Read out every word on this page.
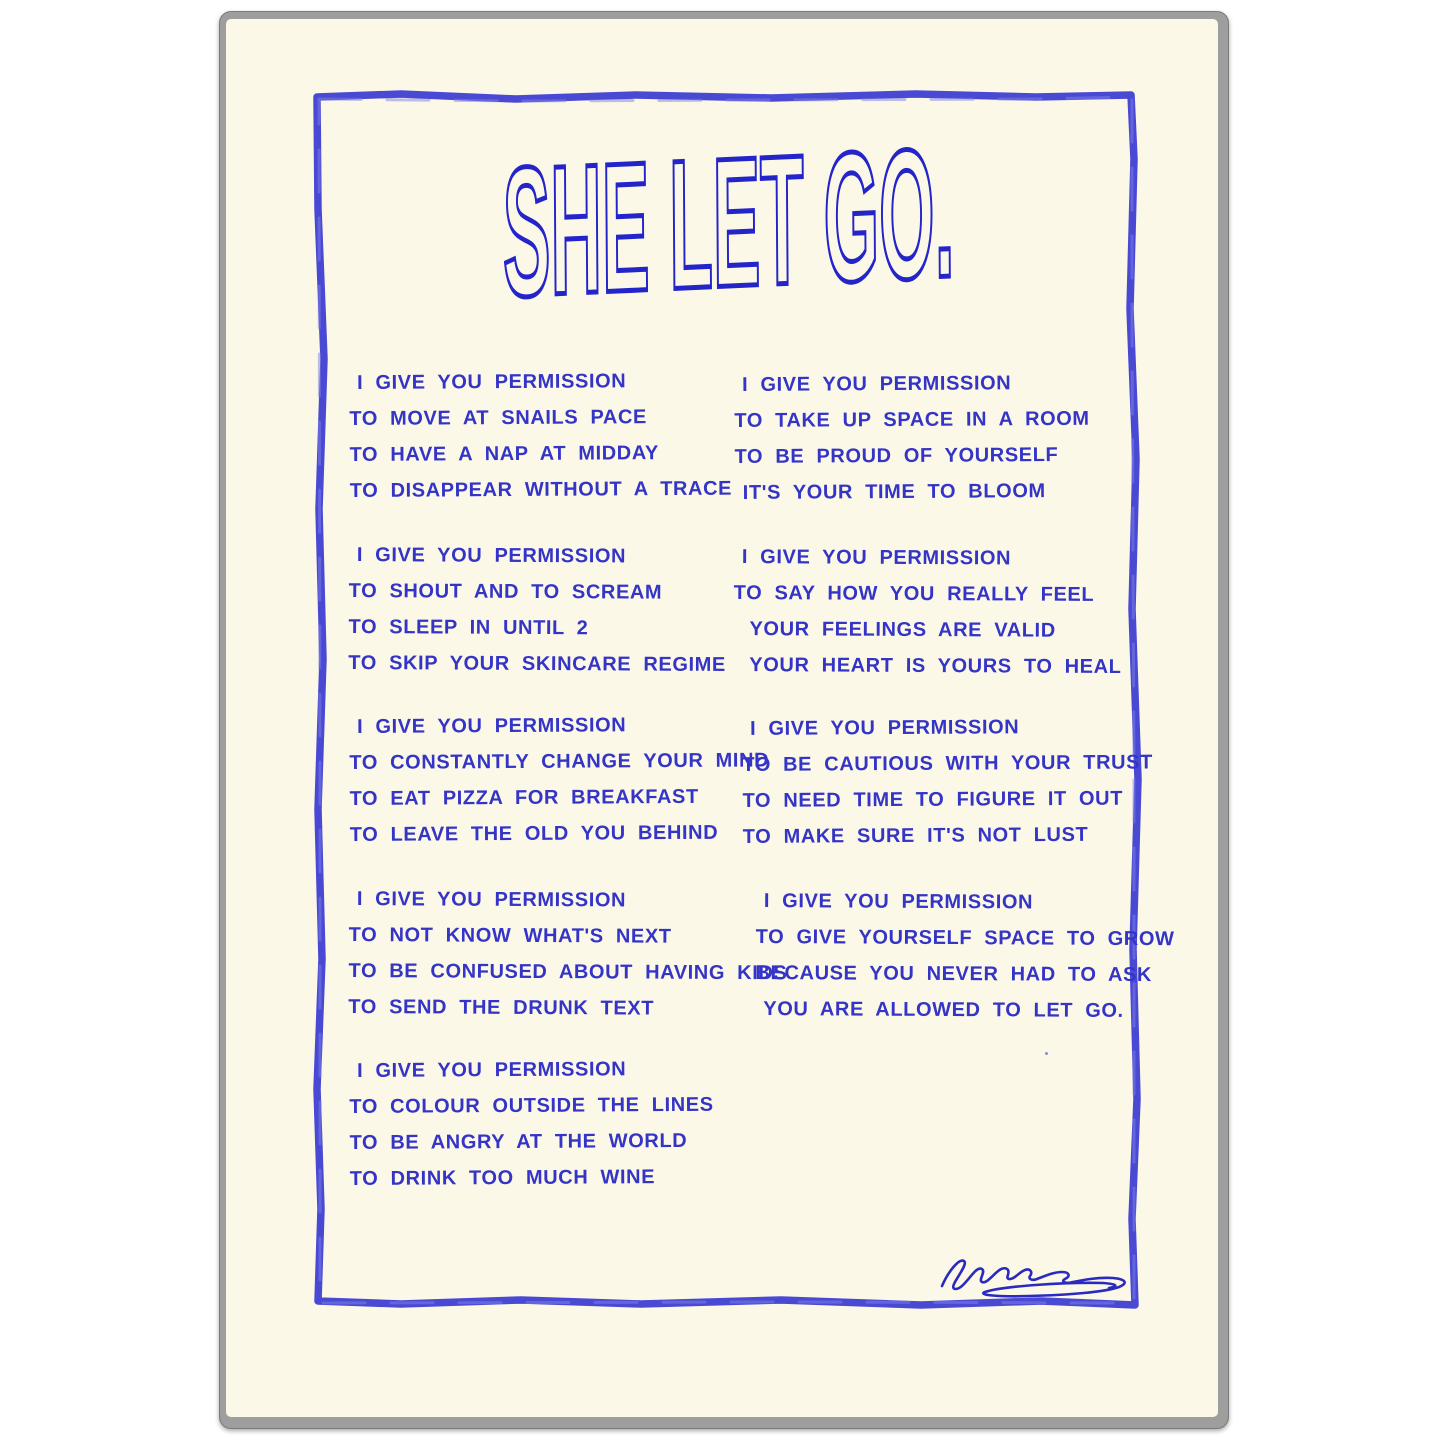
SHE LET GO.
I GIVE YOU PERMISSION
TO MOVE AT SNAILS PACE
TO HAVE A NAP AT MIDDAY
TO DISAPPEAR WITHOUT A TRACE
I GIVE YOU PERMISSION
TO SHOUT AND TO SCREAM
TO SLEEP IN UNTIL 2
TO SKIP YOUR SKINCARE REGIME
I GIVE YOU PERMISSION
TO CONSTANTLY CHANGE YOUR MIND
TO EAT PIZZA FOR BREAKFAST
TO LEAVE THE OLD YOU BEHIND
I GIVE YOU PERMISSION
TO NOT KNOW WHAT'S NEXT
TO BE CONFUSED ABOUT HAVING KIDS
TO SEND THE DRUNK TEXT
I GIVE YOU PERMISSION
TO COLOUR OUTSIDE THE LINES
TO BE ANGRY AT THE WORLD
TO DRINK TOO MUCH WINE
I GIVE YOU PERMISSION
TO TAKE UP SPACE IN A ROOM
TO BE PROUD OF YOURSELF
IT'S YOUR TIME TO BLOOM
I GIVE YOU PERMISSION
TO SAY HOW YOU REALLY FEEL
YOUR FEELINGS ARE VALID
YOUR HEART IS YOURS TO HEAL
I GIVE YOU PERMISSION
TO BE CAUTIOUS WITH YOUR TRUST
TO NEED TIME TO FIGURE IT OUT
TO MAKE SURE IT'S NOT LUST
I GIVE YOU PERMISSION
TO GIVE YOURSELF SPACE TO GROW
BECAUSE YOU NEVER HAD TO ASK
YOU ARE ALLOWED TO LET GO.
